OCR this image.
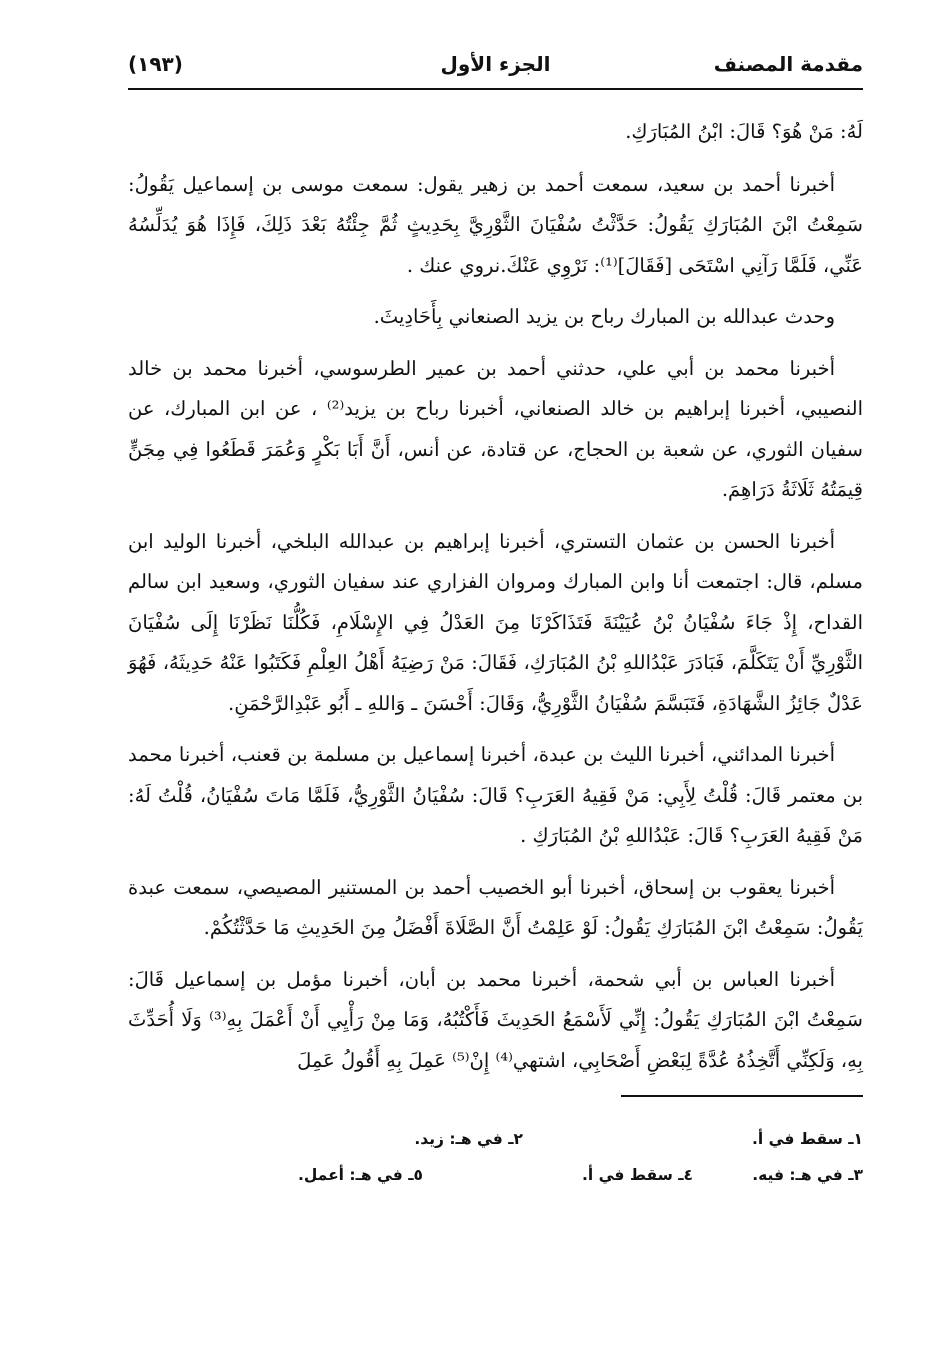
مقدمة المصنف
الجزء الأول
(١٩٣)

لَهُ: مَنْ هُوَ؟ قَالَ: ابْنُ المُبَارَكِ.

أخبرنا أحمد بن سعيد، سمعت أحمد بن زهير يقول: سمعت موسى بن إسماعيل يَقُولُ: سَمِعْتُ ابْنَ المُبَارَكِ يَقُولُ: حَدَّثْتُ سُفْيَانَ الثَّوْرِيَّ بِحَدِيثٍ ثُمَّ جِئْتُهُ بَعْدَ ذَلِكَ، فَإِذَا هُوَ يُدَلِّسُهُ عَنِّي، فَلَمَّا رَآنِي اسْتَحَى [فَقَالَ]⁽¹⁾: نَرْوِي عَنْكَ.نروي عنك .

وحدث عبدالله بن المبارك رباح بن يزيد الصنعاني بِأَحَادِيثَ.

أخبرنا محمد بن أبي علي، حدثني أحمد بن عمير الطرسوسي، أخبرنا محمد بن خالد النصيبي، أخبرنا إبراهيم بن خالد الصنعاني، أخبرنا رباح بن يزيد⁽²⁾ ، عن ابن المبارك، عن سفيان الثوري، عن شعبة بن الحجاج، عن قتادة، عن أنس، أَنَّ أَبَا بَكْرٍ وَعُمَرَ قَطَعُوا فِي مِجَنٍّ قِيمَتُهُ ثَلَاثَةُ دَرَاهِمَ.

أخبرنا الحسن بن عثمان التستري، أخبرنا إبراهيم بن عبدالله البلخي، أخبرنا الوليد ابن مسلم، قال: اجتمعت أنا وابن المبارك ومروان الفزاري عند سفيان الثوري، وسعيد ابن سالم القداح، إِذْ جَاءَ سُفْيَانُ بْنُ عُيَيْنَةَ فَتَذَاكَرْنَا مِنَ العَدْلُ فِي الإِسْلَامِ، فَكُلُّنَا نَظَرْنَا إِلَى سُفْيَانَ الثَّوْرِيِّ أَنْ يَتَكَلَّمَ، فَبَادَرَ عَبْدُاللهِ بْنُ المُبَارَكِ، فَقَالَ: مَنْ رَضِيَهُ أَهْلُ العِلْمِ فَكَتَبُوا عَنْهُ حَدِيثَهُ، فَهُوَ عَدْلٌ جَائِزُ الشَّهَادَةِ، فَتَبَسَّمَ سُفْيَانُ الثَّوْرِيُّ، وَقَالَ: أَحْسَنَ ـ وَاللهِ ـ أَبُو عَبْدِالرَّحْمَنِ.

أخبرنا المدائني، أخبرنا الليث بن عبدة، أخبرنا إسماعيل بن مسلمة بن قعنب، أخبرنا محمد بن معتمر قَالَ: قُلْتُ لِأَبِي: مَنْ فَقِيهُ العَرَبِ؟ قَالَ: سُفْيَانُ الثَّوْرِيُّ، فَلَمَّا مَاتَ سُفْيَانُ، قُلْتُ لَهُ: مَنْ فَقِيهُ العَرَبِ؟ قَالَ: عَبْدُاللهِ بْنُ المُبَارَكِ .

أخبرنا يعقوب بن إسحاق، أخبرنا أبو الخصيب أحمد بن المستنير المصيصي، سمعت عبدة يَقُولُ: سَمِعْتُ ابْنَ المُبَارَكِ يَقُولُ: لَوْ عَلِمْتُ أَنَّ الصَّلَاةَ أَفْضَلُ مِنَ الحَدِيثِ مَا حَدَّثْتُكُمْ.

أخبرنا العباس بن أبي شحمة، أخبرنا محمد بن أبان، أخبرنا مؤمل بن إسماعيل قَالَ: سَمِعْتُ ابْنَ المُبَارَكِ يَقُولُ: إِنِّي لَأَسْمَعُ الحَدِيثَ فَأَكْتُبُهُ، وَمَا مِنْ رَأْيِي أَنْ أَعْمَلَ بِهِ⁽³⁾ وَلَا أُحَدِّثَ بِهِ، وَلَكِنِّي أَتَّخِذُهُ عُدَّةً لِبَعْضِ أَصْحَابِي، اشتهي⁽⁴⁾ إِنْ⁽⁵⁾ عَمِلَ بِهِ أَقُولُ عَمِلَ

١ـ سقط في أ.
٢ـ في هـ: زيد.
٣ـ في هـ: فيه.
٤ـ سقط في أ.
٥ـ في هـ: أعمل.
